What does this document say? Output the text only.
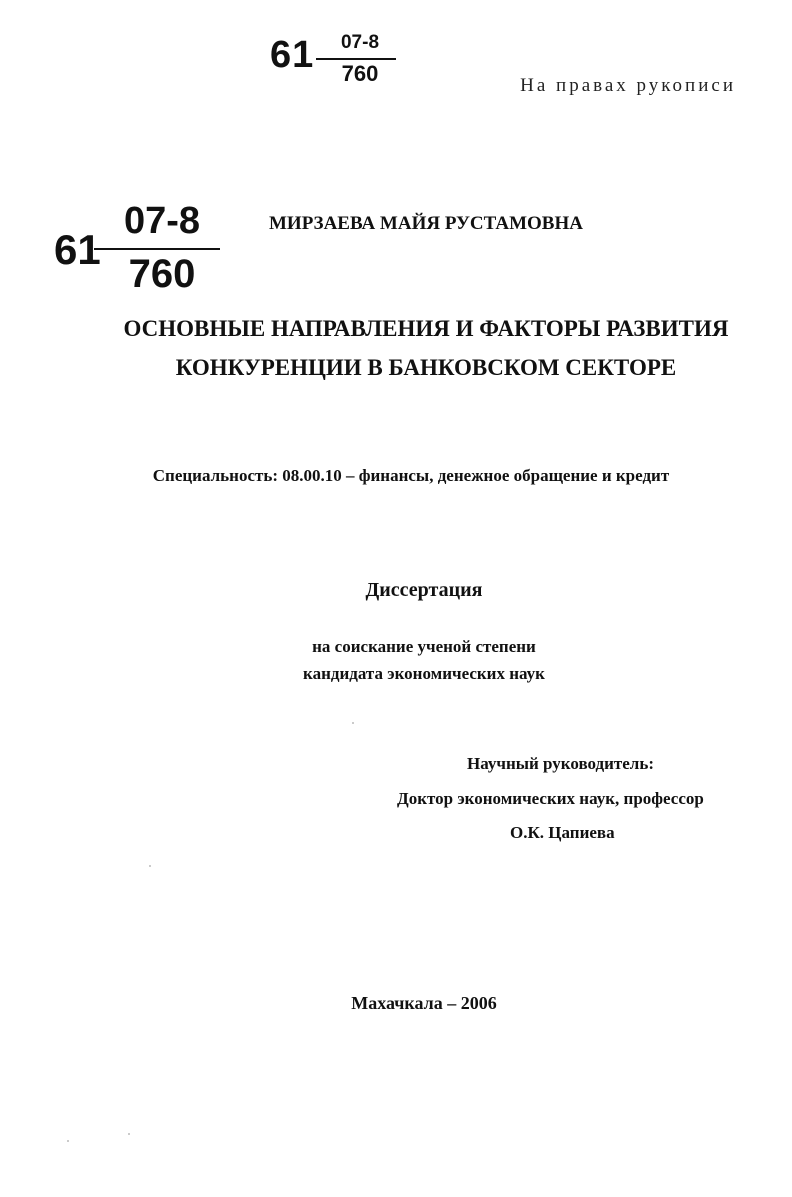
61	07-8
760	На правах рукописи
61
07-8
760
МИРЗАЕВА МАЙЯ РУСТАМОВНА
ОСНОВНЫЕ НАПРАВЛЕНИЯ И ФАКТОРЫ РАЗВИТИЯ
КОНКУРЕНЦИИ В БАНКОВСКОМ СЕКТОРЕ
Специальность: 08.00.10 – финансы, денежное обращение и кредит
Диссертация
на соискание ученой степени
кандидата экономических наук
Научный руководитель:
Доктор экономических наук, профессор
О.К. Цапиева
Махачкала – 2006
